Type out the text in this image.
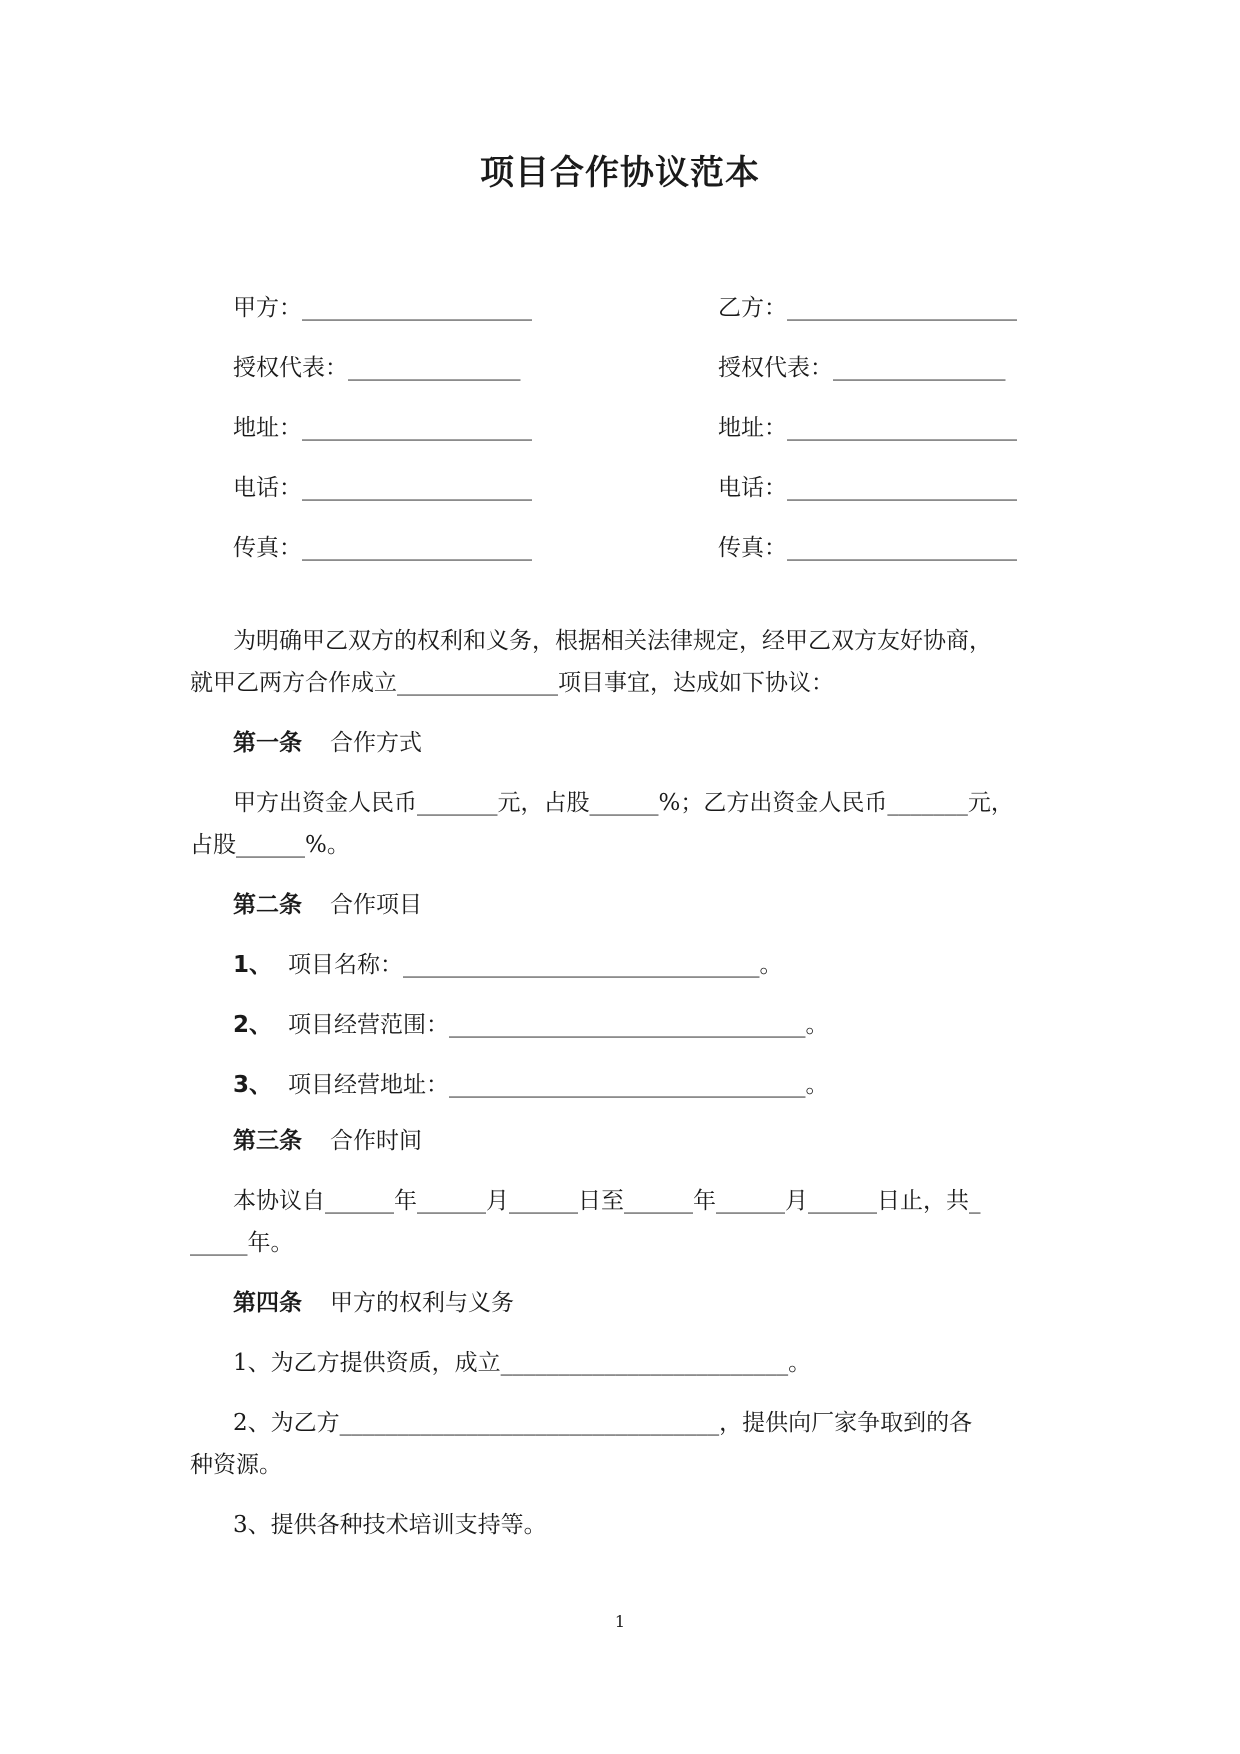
项目合作协议范本
甲方：____________________	乙方：____________________
授权代表：_______________	授权代表：_______________
地址：____________________	地址：____________________
电话：____________________	电话：____________________
传真：____________________	传真：____________________
为明确甲乙双方的权利和义务，根据相关法律规定，经甲乙双方友好协商，
就甲乙两方合作成立______________项目事宜，达成如下协议：
第一条 合作方式
甲方出资金人民币_______元，占股______%；乙方出资金人民币_______元，
占股______%。
第二条 合作项目
1、 项目名称：_______________________________。
2、 项目经营范围：_______________________________。
3、 项目经营地址：_______________________________。
第三条 合作时间
本协议自______年______月______日至______年______月______日止，共_
_____年。
第四条 甲方的权利与义务
1、为乙方提供资质，成立_________________________。
2、为乙方_________________________________，提供向厂家争取到的各
种资源。
3、提供各种技术培训支持等。
1
